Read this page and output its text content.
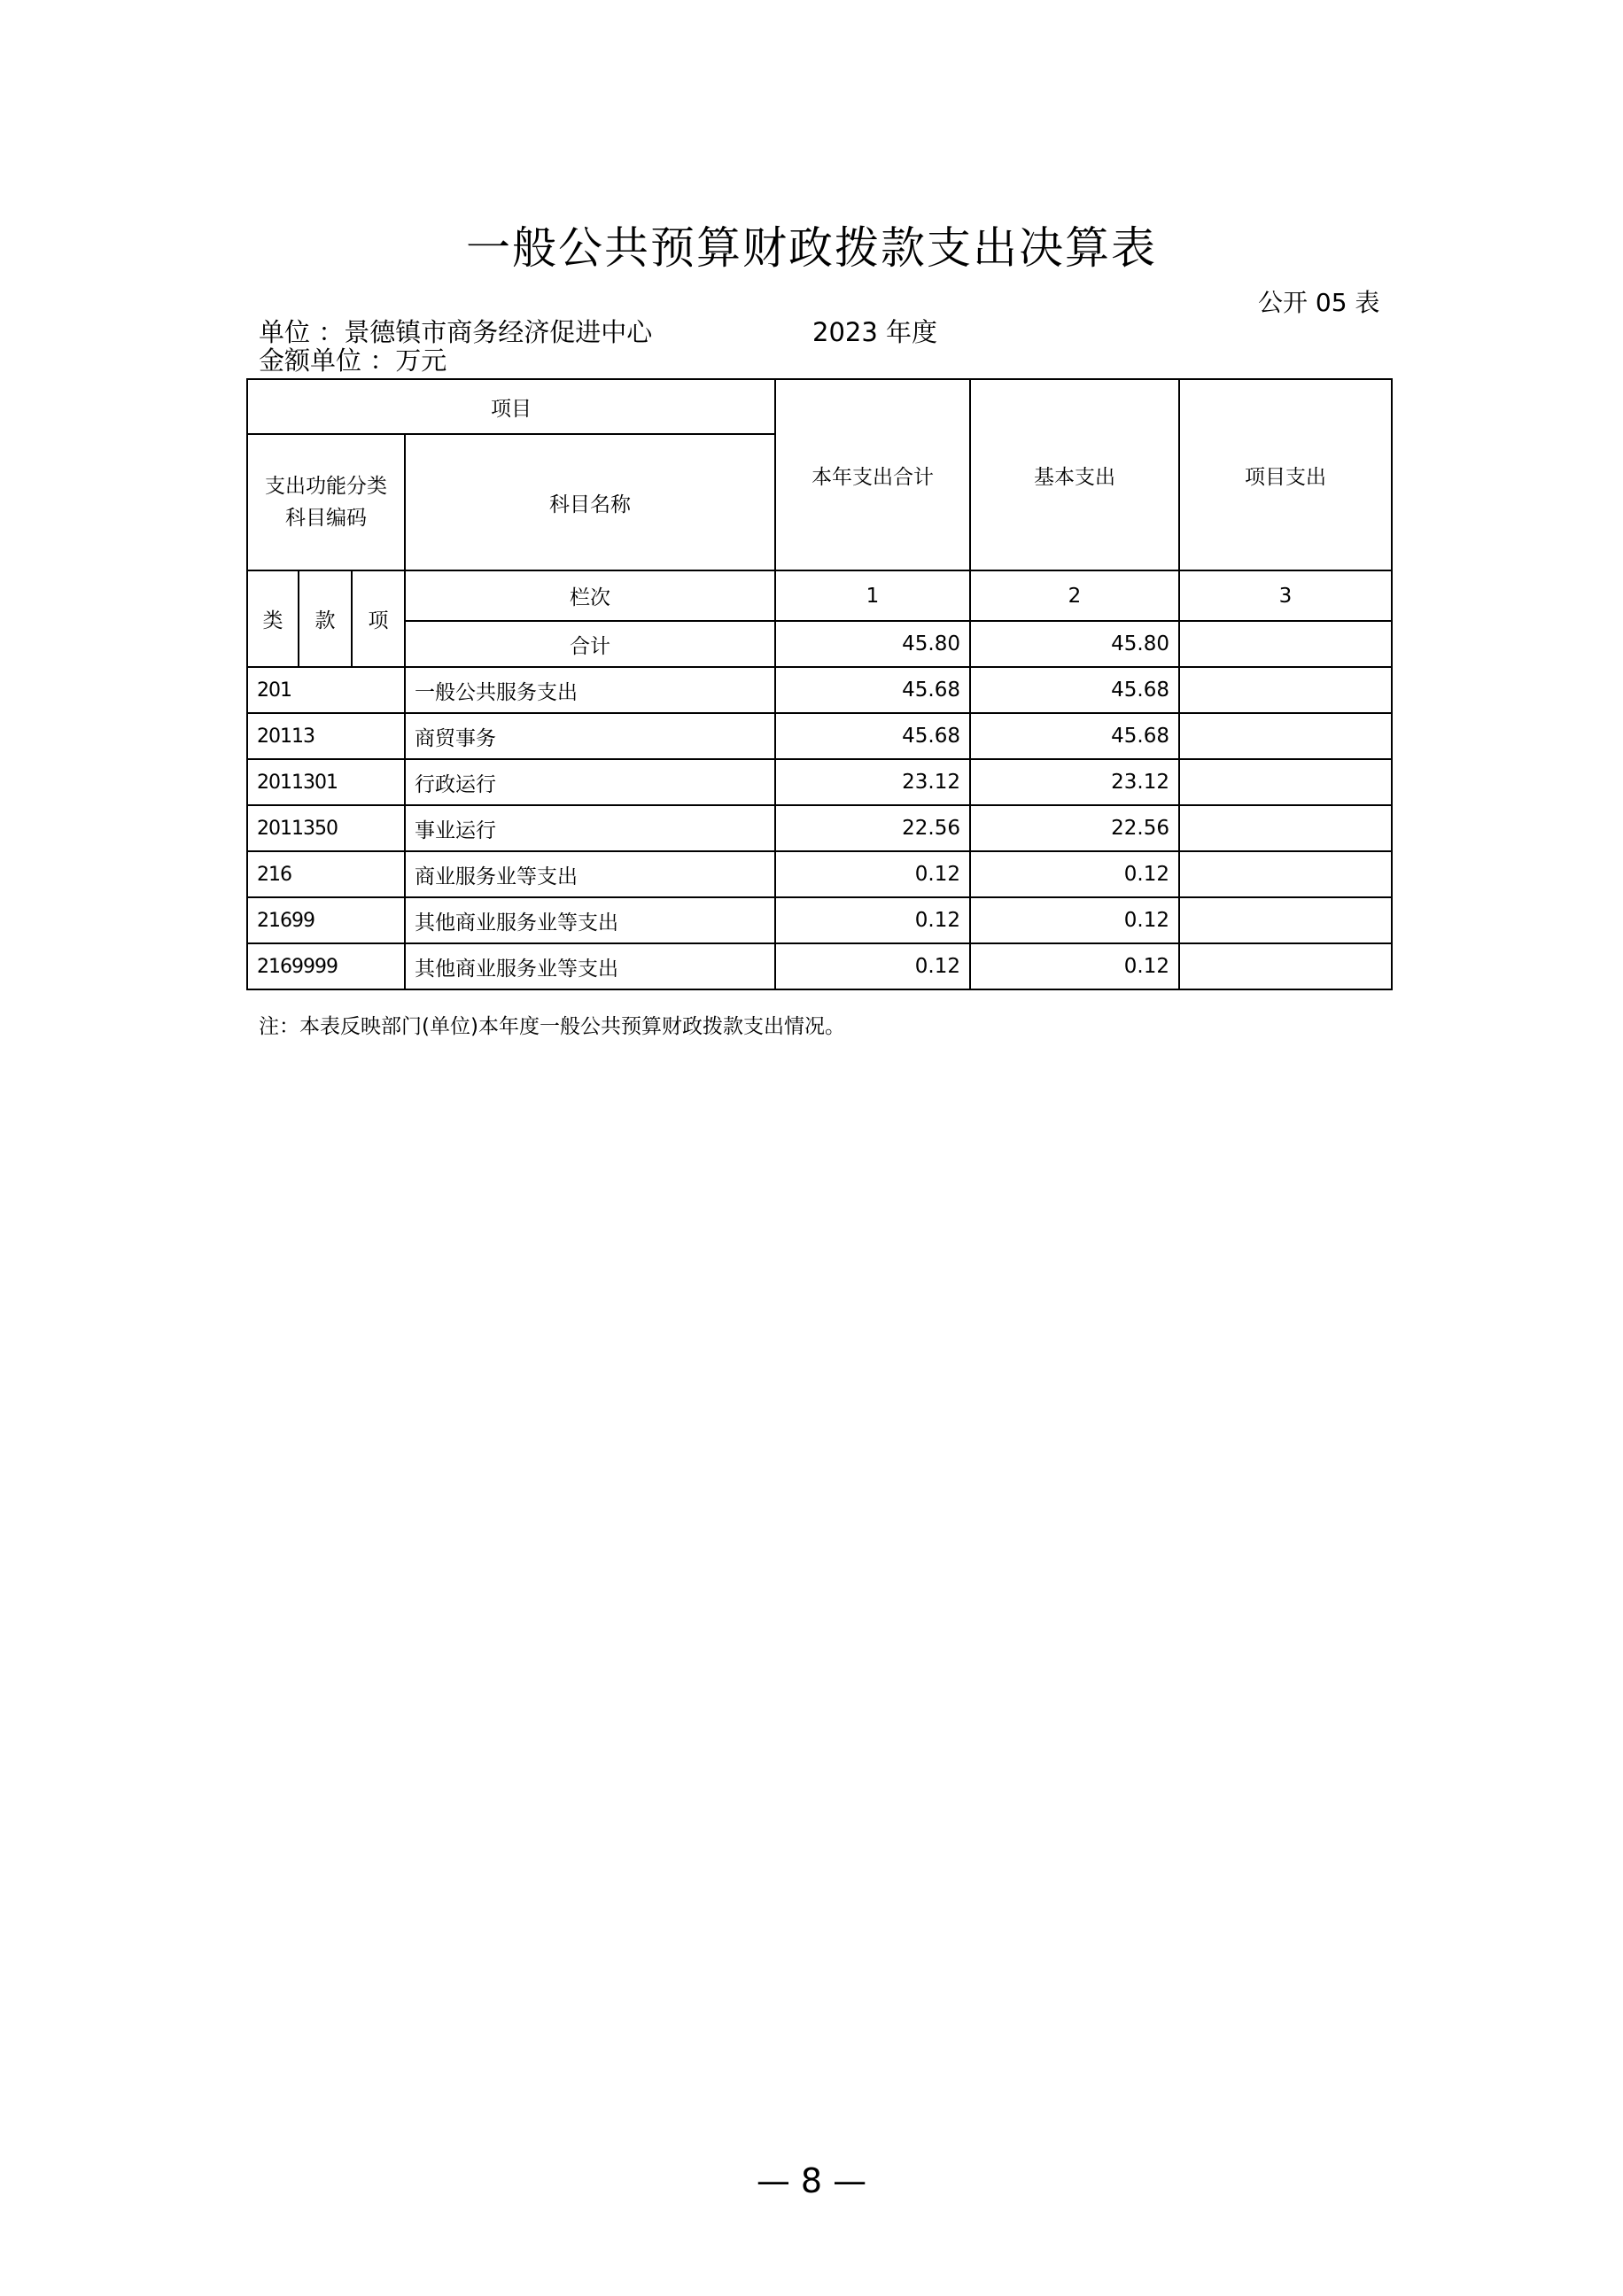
一般公共预算财政拨款支出决算表
公开 05 表
单位 ：景德镇市商务经济促进中心	2023 年度
金额单位 ：万元
项目				本年支出合计	基本支出	项目支出
支出功能分类
科目编码			科目名称			
类	款	项	栏次	1	2	3
			合计	45.80	45.80	
201			一般公共服务支出	45.68	45.68	
20113			商贸事务	45.68	45.68	
2011301			行政运行	23.12	23.12	
2011350			事业运行	22.56	22.56	
216			商业服务业等支出	0.12	0.12	
21699			其他商业服务业等支出	0.12	0.12	
2169999			其他商业服务业等支出	0.12	0.12	
注：本表反映部门(单位)本年度一般公共预算财政拨款支出情况。
— 8 —
